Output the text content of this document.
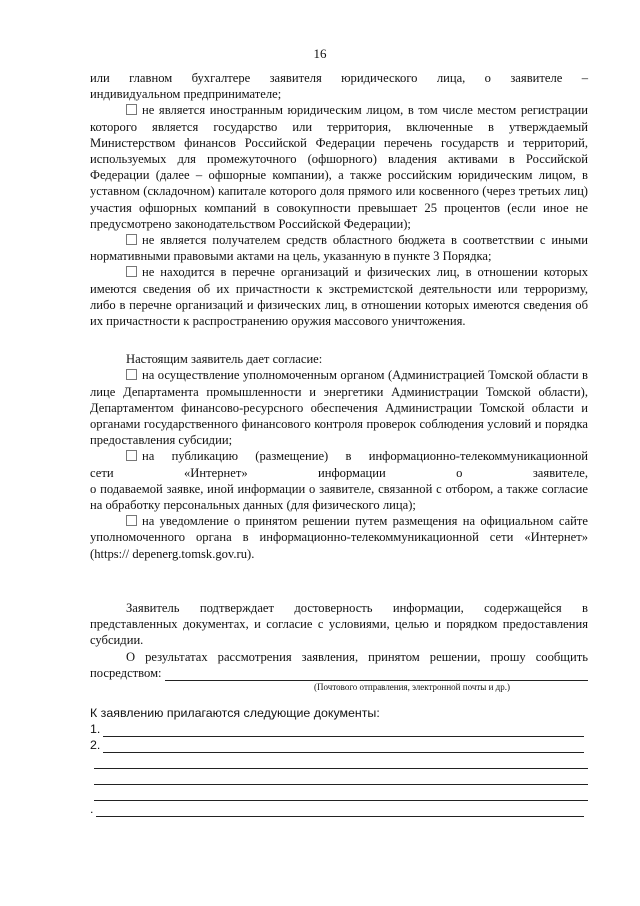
16

или главном бухгалтере заявителя юридического лица, о заявителе –

индивидуальном предпринимателе;

не является иностранным юридическим лицом, в том числе местом регистрации которого является государство или территория, включенные в утверждаемый Министерством финансов Российской Федерации перечень государств и территорий, используемых для промежуточного (офшорного) владения активами в Российской Федерации (далее – офшорные компании), а также российским юридическим лицом, в уставном (складочном) капитале которого доля прямого или косвенного (через третьих лиц) участия офшорных компаний в совокупности превышает 25 процентов (если иное не предусмотрено законодательством Российской Федерации);

не является получателем средств областного бюджета в соответствии с иными нормативными правовыми актами на цель, указанную в пункте 3 Порядка;

не находится в перечне организаций и физических лиц, в отношении которых имеются сведения об их причастности к экстремистской деятельности или терроризму, либо в перечне организаций и физических лиц, в отношении которых имеются сведения об их причастности к распространению оружия массового уничтожения.

Настоящим заявитель дает согласие:

на осуществление уполномоченным органом (Администрацией Томской области в лице Департамента промышленности и энергетики Администрации Томской области), Департаментом финансово-ресурсного обеспечения Администрации Томской области и органами государственного финансового контроля проверок соблюдения условий и порядка предоставления субсидии;

на публикацию (размещение) в информационно-телекоммуникационной

сети «Интернет» информации о заявителе,

о подаваемой заявке, иной информации о заявителе, связанной с отбором, а также согласие на обработку персональных данных (для физического лица);

на уведомление о принятом решении путем размещения на официальном сайте уполномоченного органа в информационно-телекоммуникационной сети «Интернет» (https:// depenerg.tomsk.gov.ru).

Заявитель подтверждает достоверность информации, содержащейся в представленных документах, и согласие с условиями, целью и порядком предоставления субсидии.

О результатах рассмотрения заявления, принятом решении, прошу сообщить

посредством:
(Почтового отправления, электронной почты и др.)
К заявлению прилагаются следующие документы:
1.
2.
.
